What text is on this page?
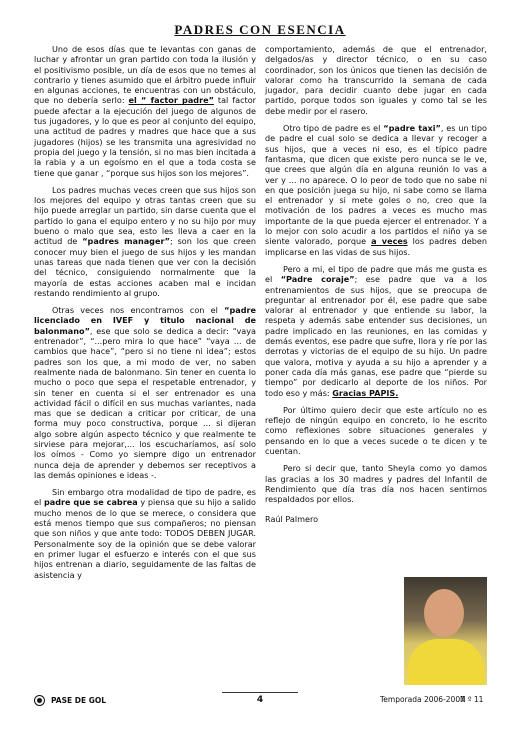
PADRES CON ESENCIA

Uno de esos días que te levantas con ganas de luchar y afrontar un gran partido con toda la ilusión y el positivismo posible, un día de esos que no temes al contrario y tienes asumido que el árbitro puede influir en algunas acciones, te encuentras con un obstáculo, que no debería serlo: el “ factor padre” tal factor puede afectar a la ejecución del juego de algunos de tus jugadores, y lo que es peor al conjunto del equipo, una actitud de padres y madres que hace que a sus jugadores (hijos) se les transmita una agresividad no propia del juego y la tensión, si no mas bien incitada a la rabia y a un egoísmo en el que a toda costa se tiene que ganar , “porque sus hijos son los mejores”.

Los padres muchas veces creen que sus hijos son los mejores del equipo y otras tantas creen que su hijo puede arreglar un partido, sin darse cuenta que el partido lo gana el equipo entero y no su hijo por muy bueno o malo que sea, esto les lleva a caer en la actitud de “padres manager”; son los que creen conocer muy bien el juego de sus hijos y les mandan unas tareas que nada tienen que ver con la decisión del técnico, consiguiendo normalmente que la mayoría de estas acciones acaben mal e incidan restando rendimiento al grupo.

Otras veces nos encontramos con el “padre licenciado en IVEF y titulo nacional de balonmano”, ese que solo se dedica a decir: “vaya entrenador”, “...pero mira lo que hace” “vaya ... de cambios que hace”, “pero si no tiene ni idea”; estos padres son los que, a mi modo de ver, no saben realmente nada de balonmano. Sin tener en cuenta lo mucho o poco que sepa el respetable entrenador, y sin tener en cuenta si el ser entrenador es una actividad fácil o difícil en sus muchas variantes, nada mas que se dedican a criticar por criticar, de una forma muy poco constructiva, porque ... si dijeran algo sobre algún aspecto técnico y que realmente te sirviese para mejorar,... los escucharíamos, así solo los oímos - Como yo siempre digo un entrenador nunca deja de aprender y debemos ser receptivos a las demás opiniones e ideas -.

Sin embargo otra modalidad de tipo de padre, es el padre que se cabrea y piensa que su hijo a salido mucho menos de lo que se merece, o considera que está menos tiempo que sus compañeros; no piensan que son niños y que ante todo: TODOS DEBEN JUGAR. Personalmente soy de la opinión que se debe valorar en primer lugar el esfuerzo e interés con el que sus hijos entrenan a diario, seguidamente de las faltas de asistencia y

comportamiento, además de que el entrenador, delgados/as y director técnico, o en su caso coordinador, son los únicos que tienen las decisión de valorar como ha transcurrido la semana de cada jugador, para decidir cuanto debe jugar en cada partido, porque todos son iguales y como tal se les debe medir por el rasero.

Otro tipo de padre es el “padre taxi”, es un tipo de padre el cual solo se dedica a llevar y recoger a sus hijos, que a veces ni eso, es el típico padre fantasma, que dicen que existe pero nunca se le ve, que crees que algún día en alguna reunión lo vas a ver y ... no aparece. O lo peor de todo que no sabe ni en que posición juega su hijo, ni sabe como se llama el entrenador y si mete goles o no, creo que la motivación de los padres a veces es mucho mas importante de la que pueda ejercer el entrenador. Y a lo mejor con solo acudir a los partidos el niño ya se siente valorado, porque a veces los padres deben implicarse en las vidas de sus hijos.

Pero a mi, el tipo de padre que más me gusta es el “Padre coraje”; ese padre que va a los entrenamientos de sus hijos, que se preocupa de preguntar al entrenador por él, ese padre que sabe valorar al entrenador y que entiende su labor, la respeta y además sabe entender sus decisiones, un padre implicado en las reuniones, en las comidas y demás eventos, ese padre que sufre, llora y ríe por las derrotas y victorias de el equipo de su hijo. Un padre que valora, motiva y ayuda a su hijo a aprender y a poner cada día más ganas, ese padre que “pierde su tiempo” por dedicarlo al deporte de los niños. Por todo eso y más: Gracias PAPIS.

Por último quiero decir que este artículo no es reflejo de ningún equipo en concreto, lo he escrito como reflexiones sobre situaciones generales y pensando en lo que a veces sucede o te dicen y te cuentan.

Pero si decir que, tanto Sheyla como yo damos las gracias a los 30 madres y padres del Infantil de Rendimiento que día tras día nos hacen sentirnos respaldados por ellos.

Raúl Palmero

PASE DE GOL	4	Temporada 2006-2007
N º 11
